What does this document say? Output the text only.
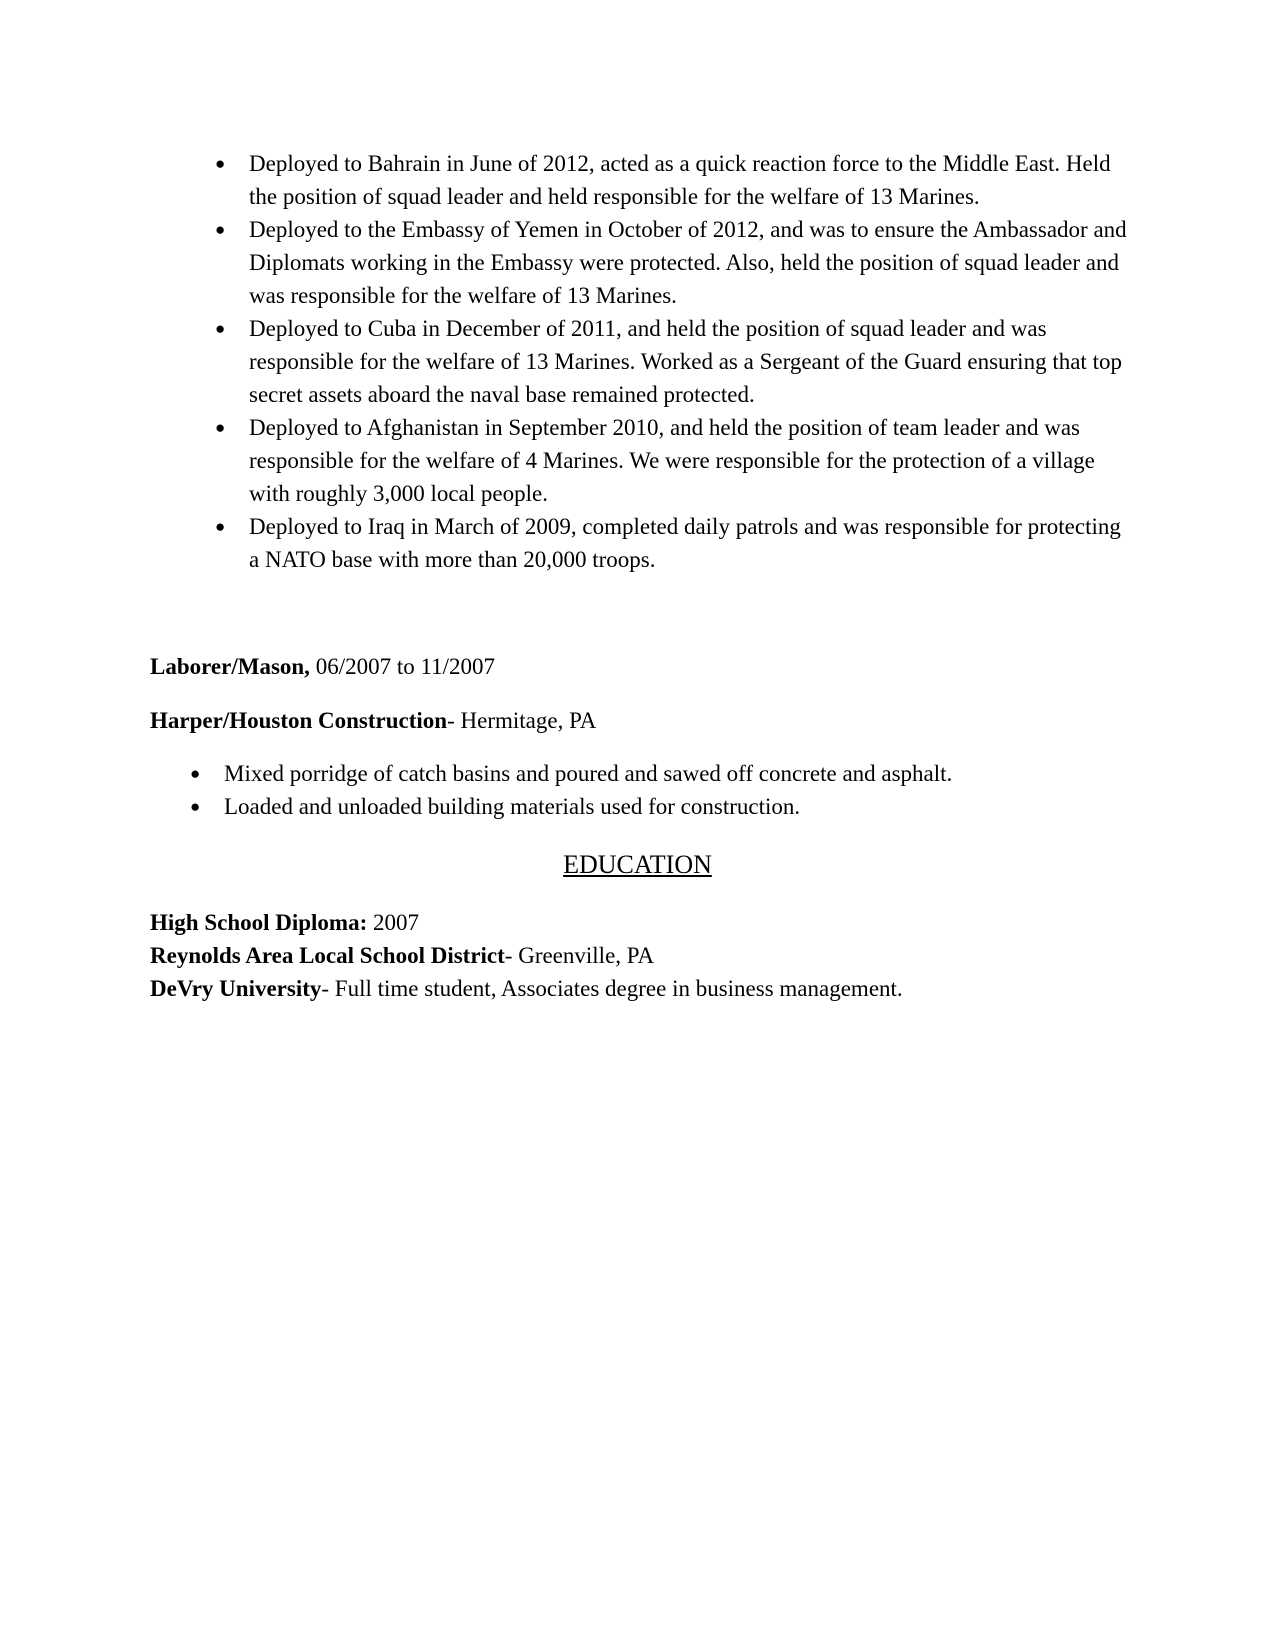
● Deployed to Bahrain in June of 2012, acted as a quick reaction force to the Middle East. Held the position of squad leader and held responsible for the welfare of 13 Marines.
● Deployed to the Embassy of Yemen in October of 2012, and was to ensure the Ambassador and Diplomats working in the Embassy were protected. Also, held the position of squad leader and was responsible for the welfare of 13 Marines.
● Deployed to Cuba in December of 2011, and held the position of squad leader and was responsible for the welfare of 13 Marines. Worked as a Sergeant of the Guard ensuring that top secret assets aboard the naval base remained protected.
● Deployed to Afghanistan in September 2010, and held the position of team leader and was responsible for the welfare of 4 Marines. We were responsible for the protection of a village with roughly 3,000 local people.
● Deployed to Iraq in March of 2009, completed daily patrols and was responsible for protecting a NATO base with more than 20,000 troops.
Laborer/Mason, 06/2007 to 11/2007
Harper/Houston Construction- Hermitage, PA
● Mixed porridge of catch basins and poured and sawed off concrete and asphalt.
● Loaded and unloaded building materials used for construction.
EDUCATION
High School Diploma: 2007
Reynolds Area Local School District- Greenville, PA
DeVry University- Full time student, Associates degree in business management.
